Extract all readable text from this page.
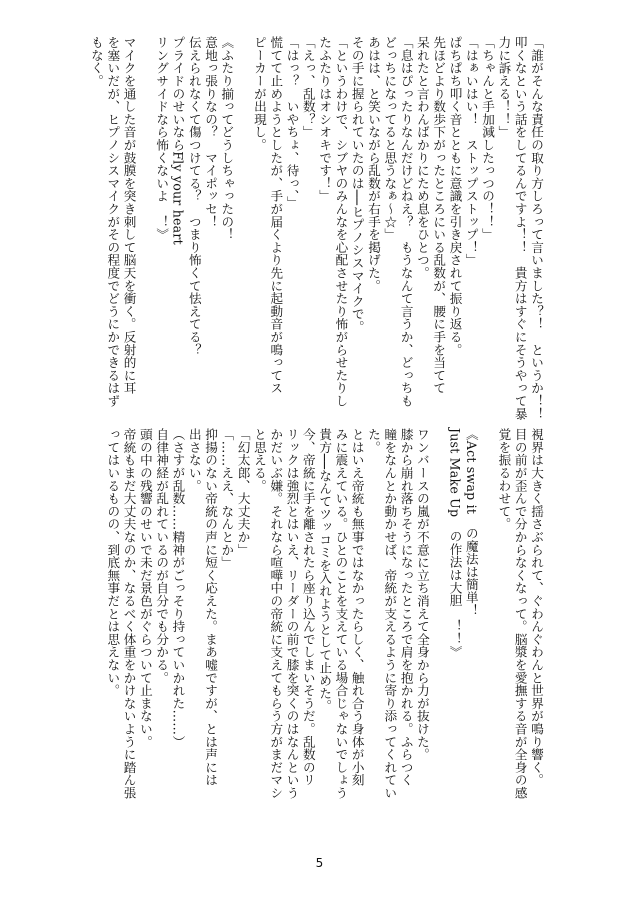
「誰がそんな責任の取り方しろって言いました？！　というか！！
叩くなという話をしてるんですよ！！　貴方はすぐにそうやって暴
力に訴える！！」
「ちゃんと手加減したっつの！！」
「はぁいはい！　ストップストップ！」
ぱちぱち叩く音とともに意識を引き戻されて振り返る。
先ほどより数歩下がったところにいる乱数が、腰に手を当てて
呆れたと言わんばかりにため息をひとつ。
「息はぴったりなんだけどねえ？　もうなんて言うか、どっちも
どっちになってると思うなぁ〜☆」
あはは、と笑いながら乱数が右手を掲げた。
その手に握られていたのは──ヒプノシスマイクで。
「というわけで、シブヤのみんなを心配させたり怖がらせたりし
たふたりはオシオキです！」
「えっ、乱数？」
「はっ？　いやちょ、待っ、」
慌てて止めようとしたが、手が届くより先に起動音が鳴ってス
ピーカーが出現し。

《ふたり揃ってどうしちゃったの！
意地っ張りなの？　マイポッセ！
伝えられなくて傷つけてる？　つまり怖くて怯えてる？
プライドのせいならFly your heart
リングサイドなら怖くないよ　！》

マイクを通した音が鼓膜を突き刺して脳天を衝く。反射的に耳
を塞いだが、ヒプノシスマイクがその程度でどうにかできるはず
もなく。
視界は大きく揺さぶられて、ぐわんぐわんと世界が鳴り響く。
目の前が歪んで分からなくなって。脳漿を愛撫する音が全身の感
覚を振るわせて。

《Act swap it　の魔法は簡単！
Just Make Up　の作法は大胆　！！》

ワンバースの嵐が不意に立ち消えて全身から力が抜けた。
膝から崩れ落ちそうになったところで肩を抱かれる。ふらつく
瞳をなんとか動かせば、帝統が支えるように寄り添ってくれてい
た。
とはいえ帝統も無事ではなかったらしく、触れ合う身体が小刻
みに震えている。ひとのことを支えている場合じゃないでしょう
貴方──なんてツッコミを入れようとして止めた。
今、帝統に手を離されたら座り込んでしまいそうだ。乱数のリ
リックは強烈とはいえ、リーダーの前で膝を突くのはなんという
かだいぶ嫌。それなら喧嘩中の帝統に支えてもらう方がまだマシ
と思える。
「幻太郎、大丈夫か」
「……ええ、なんとか」
抑揚のない帝統の声に短く応えた。まあ嘘ですが、とは声には
出さない。
（さすが乱数……精神がごっそり持っていかれた……）
自律神経が乱れているのが自分でも分かる。
頭の中の残響のせいで未だ景色がぐらついて止まない。
帝統もまだ大丈夫なのか、なるべく体重をかけないように踏ん張
ってはいるものの、到底無事だとは思えない。
5
